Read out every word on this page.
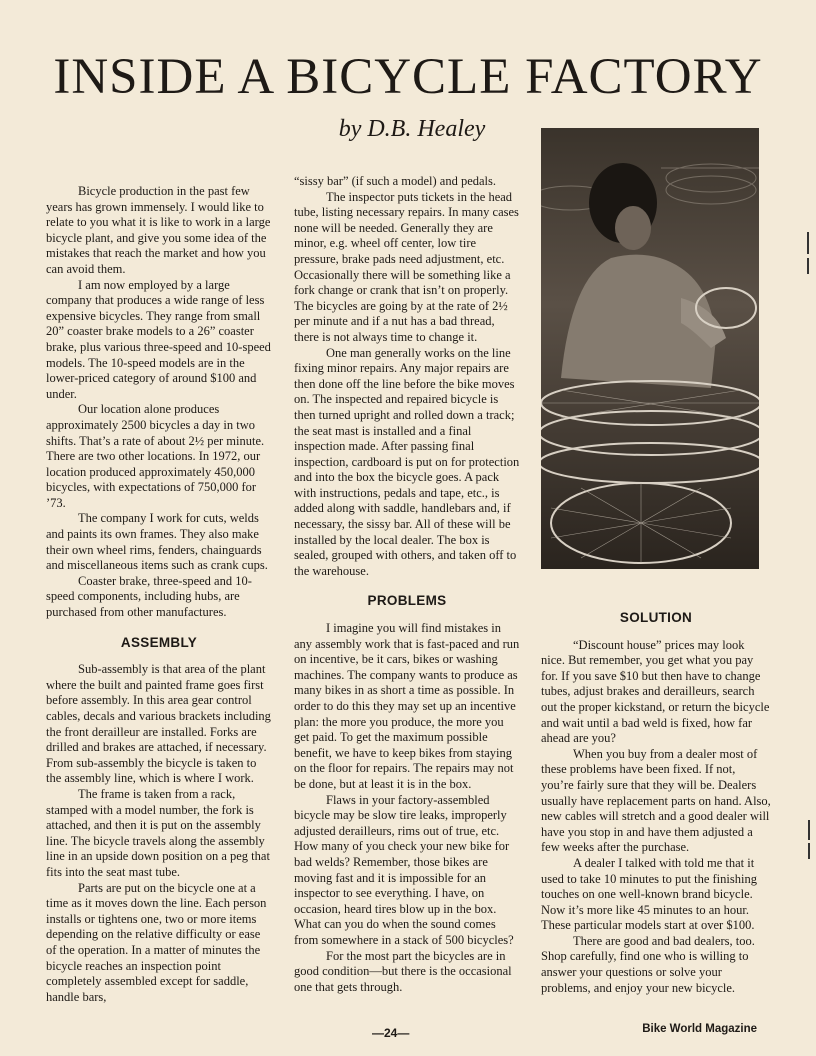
INSIDE A BICYCLE FACTORY
by D.B. Healey

Bicycle production in the past few years has grown immensely. I would like to relate to you what it is like to work in a large bicycle plant, and give you some idea of the mistakes that reach the market and how you can avoid them.

I am now employed by a large company that produces a wide range of less expensive bicycles. They range from small 20” coaster brake models to a 26” coaster brake, plus various three-speed and 10-speed models. The 10-speed models are in the lower-priced category of around $100 and under.

Our location alone produces approximately 2500 bicycles a day in two shifts. That’s a rate of about 2½ per minute. There are two other locations. In 1972, our location produced approximately 450,000 bicycles, with expectations of 750,000 for ’73.

The company I work for cuts, welds and paints its own frames. They also make their own wheel rims, fenders, chainguards and miscellaneous items such as crank cups.

Coaster brake, three-speed and 10-speed components, including hubs, are purchased from other manufactures.

ASSEMBLY

Sub-assembly is that area of the plant where the built and painted frame goes first before assembly. In this area gear control cables, decals and various brackets including the front derailleur are installed. Forks are drilled and brakes are attached, if necessary. From sub-assembly the bicycle is taken to the assembly line, which is where I work.

The frame is taken from a rack, stamped with a model number, the fork is attached, and then it is put on the assembly line. The bicycle travels along the assembly line in an upside down position on a peg that fits into the seat mast tube.

Parts are put on the bicycle one at a time as it moves down the line. Each person installs or tightens one, two or more items depending on the relative difficulty or ease of the operation. In a matter of minutes the bicycle reaches an inspection point completely assembled except for saddle, handle bars,

“sissy bar” (if such a model) and pedals.

The inspector puts tickets in the head tube, listing necessary repairs. In many cases none will be needed. Generally they are minor, e.g. wheel off center, low tire pressure, brake pads need adjustment, etc. Occasionally there will be something like a fork change or crank that isn’t on properly. The bicycles are going by at the rate of 2½ per minute and if a nut has a bad thread, there is not always time to change it.

One man generally works on the line fixing minor repairs. Any major repairs are then done off the line before the bike moves on. The inspected and repaired bicycle is then turned upright and rolled down a track; the seat mast is installed and a final inspection made. After passing final inspection, cardboard is put on for protection and into the box the bicycle goes. A pack with instructions, pedals and tape, etc., is added along with saddle, handlebars and, if necessary, the sissy bar. All of these will be installed by the local dealer. The box is sealed, grouped with others, and taken off to the warehouse.

PROBLEMS

I imagine you will find mistakes in any assembly work that is fast-paced and run on incentive, be it cars, bikes or washing machines. The company wants to produce as many bikes in as short a time as possible. In order to do this they may set up an incentive plan: the more you produce, the more you get paid. To get the maximum possible benefit, we have to keep bikes from staying on the floor for repairs. The repairs may not be done, but at least it is in the box.

Flaws in your factory-assembled bicycle may be slow tire leaks, improperly adjusted derailleurs, rims out of true, etc. How many of you check your new bike for bad welds? Remember, those bikes are moving fast and it is impossible for an inspector to see everything. I have, on occasion, heard tires blow up in the box. What can you do when the sound comes from somewhere in a stack of 500 bicycles?

For the most part the bicycles are in good condition—but there is the occasional one that gets through.

SOLUTION

“Discount house” prices may look nice. But remember, you get what you pay for. If you save $10 but then have to change tubes, adjust brakes and derailleurs, search out the proper kickstand, or return the bicycle and wait until a bad weld is fixed, how far ahead are you?

When you buy from a dealer most of these problems have been fixed. If not, you’re fairly sure that they will be. Dealers usually have replacement parts on hand. Also, new cables will stretch and a good dealer will have you stop in and have them adjusted a few weeks after the purchase.

A dealer I talked with told me that it used to take 10 minutes to put the finishing touches on one well-known brand bicycle. Now it’s more like 45 minutes to an hour. These particular models start at over $100.

There are good and bad dealers, too. Shop carefully, find one who is willing to answer your questions or solve your problems, and enjoy your new bicycle.

—24—	Bike World Magazine
